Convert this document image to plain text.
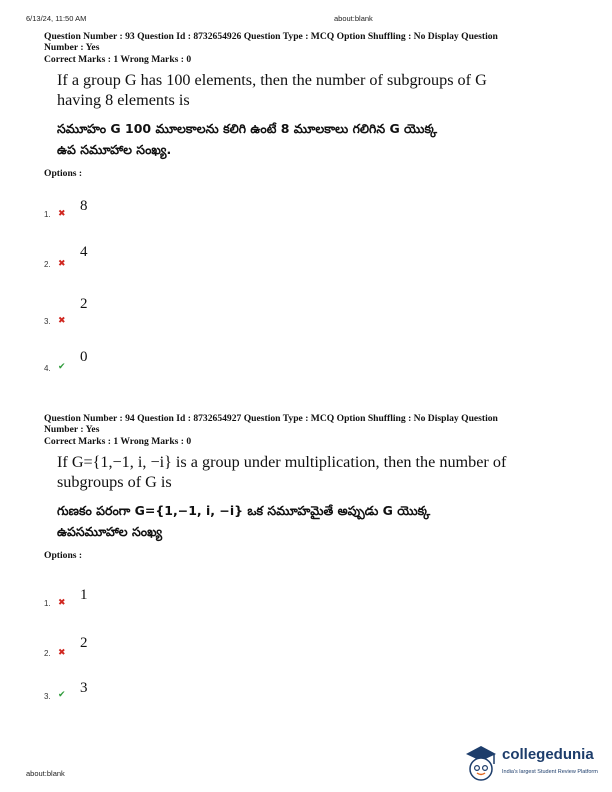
6/13/24, 11:50 AM	about:blank
Question Number : 93 Question Id : 8732654926 Question Type : MCQ Option Shuffling : No Display Question
Number : Yes
Correct Marks : 1 Wrong Marks : 0
If a group G has 100 elements, then the number of subgroups of G
having 8 elements is
సమూహం G 100 మూలకాలను కలిగి ఉంటే 8 మూలకాలు గలిగిన G యొక్క
ఉప సమూహాల సంఖ్య.
Options :
8
1. ✖
4
2. ✖
2
3. ✖
0
4. ✔
Question Number : 94 Question Id : 8732654927 Question Type : MCQ Option Shuffling : No Display Question
Number : Yes
Correct Marks : 1 Wrong Marks : 0
If G={1,−1, i, −i} is a group under multiplication, then the number of
subgroups of G is
గుణకం పరంగా G={1,−1, i, −i} ఒక సమూహమైతే అప్పుడు G యొక్క
ఉపసమూహాల సంఖ్య
Options :
1
1. ✖
2
2. ✖
3
3. ✔
about:blank
collegedunia
India's largest Student Review Platform
